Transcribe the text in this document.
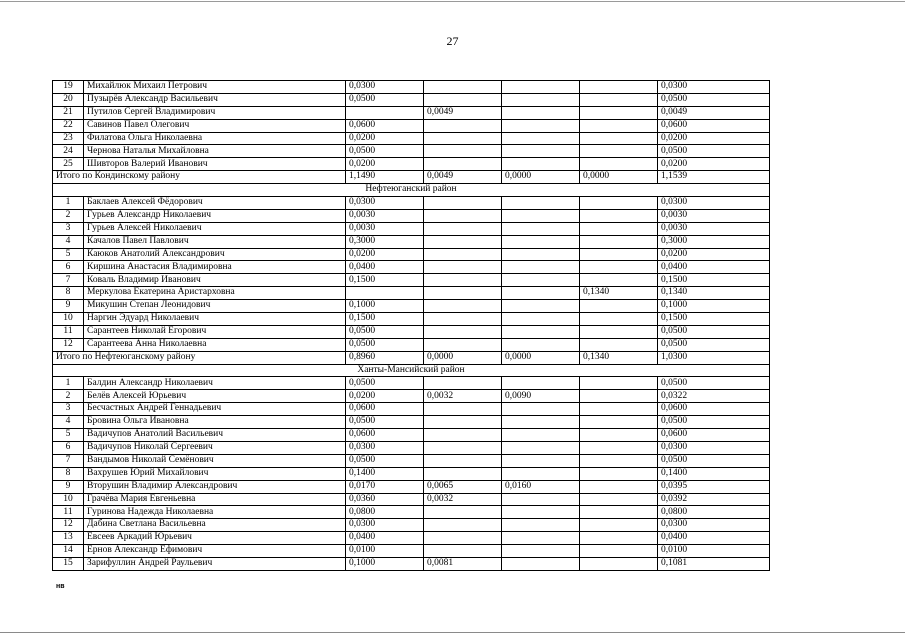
27
19	Михайлюк Михаил Петрович	0,0300				0,0300
20	Пузырёв Александр Васильевич	0,0500				0,0500
21	Путилов Сергей Владимирович		0,0049			0,0049
22	Савинов Павел Олегович	0,0600				0,0600
23	Филатова Ольга Николаевна	0,0200				0,0200
24	Чернова Наталья Михайловна	0,0500				0,0500
25	Шивторов Валерий Иванович	0,0200				0,0200
Итого по Кондинскому району		1,1490	0,0049	0,0000	0,0000	1,1539
Нефтеюганский район						
1	Баклаев Алексей Фёдорович	0,0300				0,0300
2	Гурьев Александр Николаевич	0,0030				0,0030
3	Гурьев Алексей Николаевич	0,0030				0,0030
4	Качалов Павел Павлович	0,3000				0,3000
5	Каюков Анатолий Александрович	0,0200				0,0200
6	Киршина Анастасия Владимировна	0,0400				0,0400
7	Коваль Владимир Иванович	0,1500				0,1500
8	Меркулова Екатерина Аристарховна				0,1340	0,1340
9	Микушин Степан Леонидович	0,1000				0,1000
10	Наргин Эдуард Николаевич	0,1500				0,1500
11	Сарантеев Николай Егорович	0,0500				0,0500
12	Сарантеева Анна Николаевна	0,0500				0,0500
Итого по Нефтеюганскому району		0,8960	0,0000	0,0000	0,1340	1,0300
Ханты-Мансийский район						
1	Балдин Александр Николаевич	0,0500				0,0500
2	Белёв Алексей Юрьевич	0,0200	0,0032	0,0090		0,0322
3	Бесчастных Андрей Геннадьевич	0,0600				0,0600
4	Бровина Ольга Ивановна	0,0500				0,0500
5	Вадичупов Анатолий Васильевич	0,0600				0,0600
6	Вадичупов Николай Сергеевич	0,0300				0,0300
7	Вандымов Николай Семёнович	0,0500				0,0500
8	Вахрушев Юрий Михайлович	0,1400				0,1400
9	Вторушин Владимир Александрович	0,0170	0,0065	0,0160		0,0395
10	Грачёва Мария Евгеньевна	0,0360	0,0032			0,0392
11	Гуринова Надежда Николаевна	0,0800				0,0800
12	Дабина Светлана Васильевна	0,0300				0,0300
13	Евсеев Аркадий Юрьевич	0,0400				0,0400
14	Ернов Александр Ефимович	0,0100				0,0100
15	Зарифуллин Андрей Раульевич	0,1000	0,0081			0,1081
нв
